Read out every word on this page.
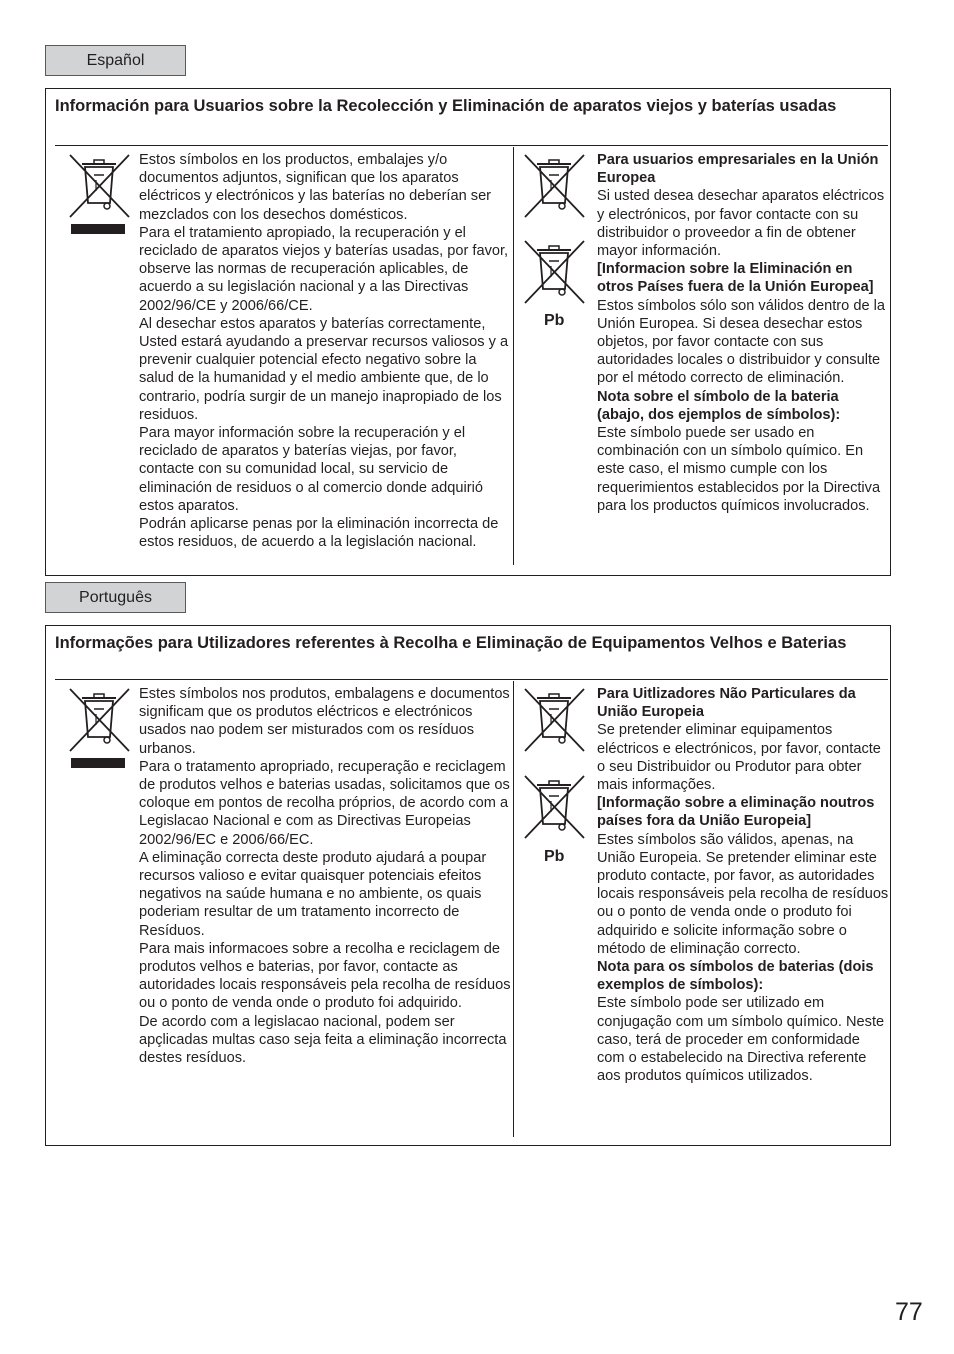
Español
Información para Usuarios sobre la Recolección y Eliminación de aparatos viejos y baterías usadas

Estos símbolos en los productos, embalajes y/o documentos adjuntos, significan que los aparatos eléctricos y electrónicos y las baterías no deberían ser mezclados con los desechos domésticos.

Para el tratamiento apropiado, la recuperación y el reciclado de aparatos viejos y baterías usadas, por favor, observe las normas de recuperación aplicables, de acuerdo a su legislación nacional y a las Directivas 2002/96/CE y 2006/66/CE.

Al desechar estos aparatos y baterías correctamente, Usted estará ayudando a preservar recursos valiosos y a prevenir cualquier potencial efecto negativo sobre la salud de la humanidad y el medio ambiente que, de lo contrario, podría surgir de un manejo inapropiado de los residuos.

Para mayor información sobre la recuperación y el reciclado de aparatos y baterías viejas, por favor, contacte con su comunidad local, su servicio de eliminación de residuos o al comercio donde adquirió estos aparatos.

Podrán aplicarse penas por la eliminación incorrecta de estos residuos, de acuerdo a la legislación nacional.

Pb

Para usuarios empresariales en la Unión Europea

Si usted desea desechar aparatos eléctricos y electrónicos, por favor contacte con su distribuidor o proveedor a fin de obtener mayor información.

[Informacion sobre la Eliminación en otros Países fuera de la Unión Europea]

Estos símbolos sólo son válidos dentro de la Unión Europea. Si desea desechar estos objetos, por favor contacte con sus autoridades locales o distribuidor y consulte por el método correcto de eliminación.

Nota sobre el símbolo de la bateria (abajo, dos ejemplos de símbolos):

Este símbolo puede ser usado en combinación con un símbolo químico. En este caso, el mismo cumple con los requerimientos establecidos por la Directiva para los productos químicos involucrados.

Português
Informações para Utilizadores referentes à Recolha e Eliminação de Equipamentos Velhos e Baterias

Estes símbolos nos produtos, embalagens e documentos significam que os produtos eléctricos e electrónicos usados nao podem ser misturados com os resíduos urbanos.

Para o tratamento apropriado, recuperação e reciclagem de produtos velhos e baterias usadas, solicitamos que os coloque em pontos de recolha próprios, de acordo com a Legislacao Nacional e com as Directivas Europeias 2002/96/EC e 2006/66/EC.

A eliminação correcta deste produto ajudará a poupar recursos valioso e evitar quaisquer potenciais efeitos negativos na saúde humana e no ambiente, os quais poderiam resultar de um tratamento incorrecto de Resíduos.

Para mais informacoes sobre a recolha e reciclagem de produtos velhos e baterias, por favor, contacte as autoridades locais responsáveis pela recolha de resíduos ou o ponto de venda onde o produto foi adquirido.

De acordo com a legislacao nacional, podem ser apçlicadas multas caso seja feita a eliminação incorrecta destes resíduos.

Pb

Para Uitlizadores Não Particulares da União Europeia

Se pretender eliminar equipamentos eléctricos e electrónicos, por favor, contacte o seu Distribuidor ou Produtor para obter mais informações.

[Informação sobre a eliminação noutros países fora da União Europeia]

Estes símbolos são válidos, apenas, na União Europeia. Se pretender eliminar este produto contacte, por favor, as autoridades locais responsáveis pela recolha de resíduos ou o ponto de venda onde o produto foi adquirido e solicite informação sobre o método de eliminação correcto.

Nota para os símbolos de baterias (dois exemplos de símbolos):

Este símbolo pode ser utilizado em conjugação com um símbolo químico. Neste caso, terá de proceder em conformidade com o estabelecido na Directiva referente aos produtos químicos utilizados.

77
